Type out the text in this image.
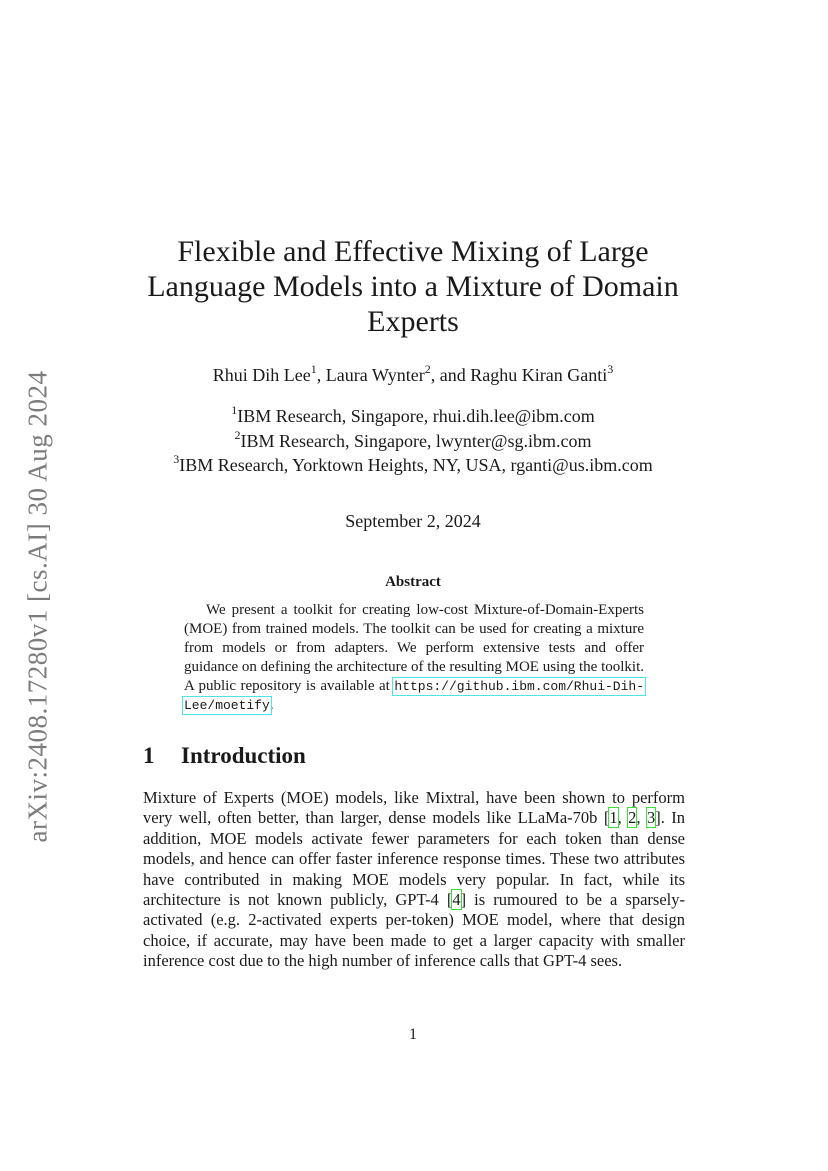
arXiv:2408.17280v1 [cs.AI] 30 Aug 2024
Flexible and Effective Mixing of Large Language Models into a Mixture of Domain Experts
Rhui Dih Lee$^1$, Laura Wynter$^2$, and Raghu Kiran Ganti$^3$
$^1$IBM Research, Singapore, rhui.dih.lee@ibm.com
$^2$IBM Research, Singapore, lwynter@sg.ibm.com
$^3$IBM Research, Yorktown Heights, NY, USA, rganti@us.ibm.com
September 2, 2024
Abstract

We present a toolkit for creating low-cost Mixture-of-Domain-Experts (MOE) from trained models. The toolkit can be used for creating a mixture from models or from adapters. We perform extensive tests and offer guidance on defining the architecture of the resulting MOE using the toolkit. A public repository is available at https://github.ibm.com/Rhui-Dih-Lee/moetify.

1 Introduction

Mixture of Experts (MOE) models, like Mixtral, have been shown to perform very well, often better, than larger, dense models like LLaMa-70b [1, 2, 3]. In addition, MOE models activate fewer parameters for each token than dense models, and hence can offer faster inference response times. These two attributes have contributed in making MOE models very popular. In fact, while its architecture is not known publicly, GPT-4 [4] is rumoured to be a sparsely-activated (e.g. 2-activated experts per-token) MOE model, where that design choice, if accurate, may have been made to get a larger capacity with smaller inference cost due to the high number of inference calls that GPT-4 sees.

1
